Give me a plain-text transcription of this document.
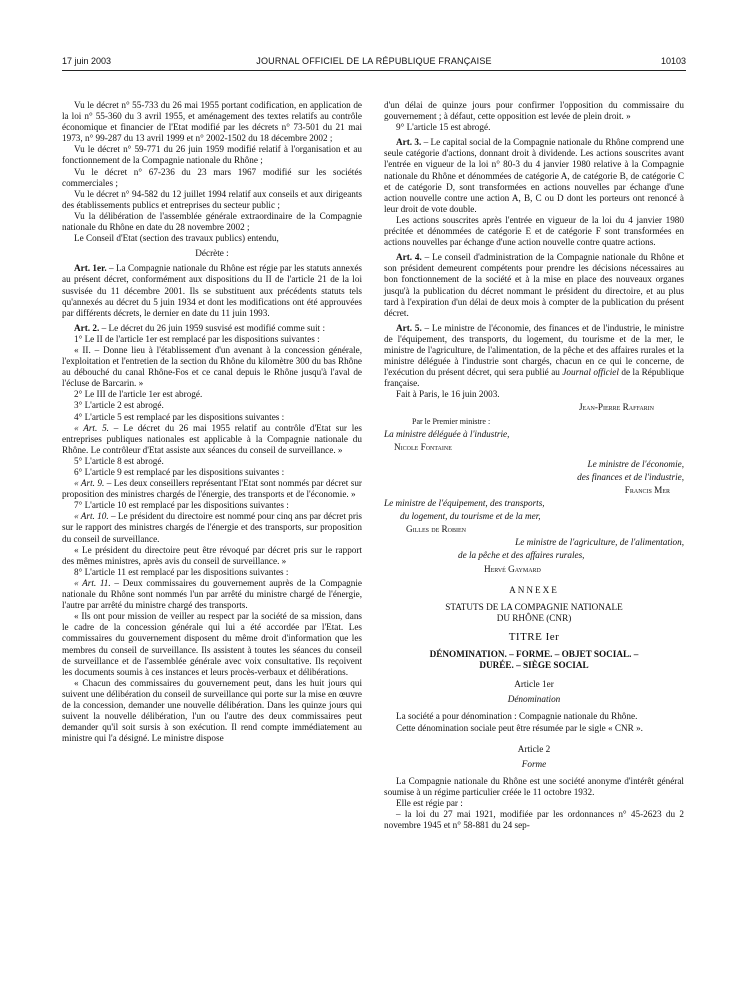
17 juin 2003	JOURNAL OFFICIEL DE LA RÉPUBLIQUE FRANÇAISE	10103

Vu le décret n° 55-733 du 26 mai 1955 portant codification, en application de la loi n° 55-360 du 3 avril 1955, et aménagement des textes relatifs au contrôle économique et financier de l'Etat modifié par les décrets n° 73-501 du 21 mai 1973, n° 99-287 du 13 avril 1999 et n° 2002-1502 du 18 décembre 2002 ;

Vu le décret n° 59-771 du 26 juin 1959 modifié relatif à l'organisation et au fonctionnement de la Compagnie nationale du Rhône ;

Vu le décret n° 67-236 du 23 mars 1967 modifié sur les sociétés commerciales ;

Vu le décret n° 94-582 du 12 juillet 1994 relatif aux conseils et aux dirigeants des établissements publics et entreprises du secteur public ;

Vu la délibération de l'assemblée générale extraordinaire de la Compagnie nationale du Rhône en date du 28 novembre 2002 ;

Le Conseil d'Etat (section des travaux publics) entendu,

Décrète :

Art. 1er. – La Compagnie nationale du Rhône est régie par les statuts annexés au présent décret, conformément aux dispositions du II de l'article 21 de la loi susvisée du 11 décembre 2001. Ils se substituent aux précédents statuts tels qu'annexés au décret du 5 juin 1934 et dont les modifications ont été approuvées par différents décrets, le dernier en date du 11 juin 1993.

Art. 2. – Le décret du 26 juin 1959 susvisé est modifié comme suit :

1° Le II de l'article 1er est remplacé par les dispositions suivantes :

« II. – Donne lieu à l'établissement d'un avenant à la concession générale, l'exploitation et l'entretien de la section du Rhône du kilomètre 300 du bas Rhône au débouché du canal Rhône-Fos et ce canal depuis le Rhône jusqu'à l'aval de l'écluse de Barcarin. »

2° Le III de l'article 1er est abrogé.

3° L'article 2 est abrogé.

4° L'article 5 est remplacé par les dispositions suivantes :

« Art. 5. – Le décret du 26 mai 1955 relatif au contrôle d'Etat sur les entreprises publiques nationales est applicable à la Compagnie nationale du Rhône. Le contrôleur d'Etat assiste aux séances du conseil de surveillance. »

5° L'article 8 est abrogé.

6° L'article 9 est remplacé par les dispositions suivantes :

« Art. 9. – Les deux conseillers représentant l'Etat sont nommés par décret sur proposition des ministres chargés de l'énergie, des transports et de l'économie. »

7° L'article 10 est remplacé par les dispositions suivantes :

« Art. 10. – Le président du directoire est nommé pour cinq ans par décret pris sur le rapport des ministres chargés de l'énergie et des transports, sur proposition du conseil de surveillance.

« Le président du directoire peut être révoqué par décret pris sur le rapport des mêmes ministres, après avis du conseil de surveillance. »

8° L'article 11 est remplacé par les dispositions suivantes :

« Art. 11. – Deux commissaires du gouvernement auprès de la Compagnie nationale du Rhône sont nommés l'un par arrêté du ministre chargé de l'énergie, l'autre par arrêté du ministre chargé des transports.

« Ils ont pour mission de veiller au respect par la société de sa mission, dans le cadre de la concession générale qui lui a été accordée par l'Etat. Les commissaires du gouvernement disposent du même droit d'information que les membres du conseil de surveillance. Ils assistent à toutes les séances du conseil de surveillance et de l'assemblée générale avec voix consultative. Ils reçoivent les documents soumis à ces instances et leurs procès-verbaux et délibérations.

« Chacun des commissaires du gouvernement peut, dans les huit jours qui suivent une délibération du conseil de surveillance qui porte sur la mise en œuvre de la concession, demander une nouvelle délibération. Dans les quinze jours qui suivent la nouvelle délibération, l'un ou l'autre des deux commissaires peut demander qu'il soit sursis à son exécution. Il rend compte immédiatement au ministre qui l'a désigné. Le ministre dispose

d'un délai de quinze jours pour confirmer l'opposition du commissaire du gouvernement ; à défaut, cette opposition est levée de plein droit. »

9° L'article 15 est abrogé.

Art. 3. – Le capital social de la Compagnie nationale du Rhône comprend une seule catégorie d'actions, donnant droit à dividende. Les actions souscrites avant l'entrée en vigueur de la loi n° 80-3 du 4 janvier 1980 relative à la Compagnie nationale du Rhône et dénommées de catégorie A, de catégorie B, de catégorie C et de catégorie D, sont transformées en actions nouvelles par échange d'une action nouvelle contre une action A, B, C ou D dont les porteurs ont renoncé à leur droit de vote double.

Les actions souscrites après l'entrée en vigueur de la loi du 4 janvier 1980 précitée et dénommées de catégorie E et de catégorie F sont transformées en actions nouvelles par échange d'une action nouvelle contre quatre actions.

Art. 4. – Le conseil d'administration de la Compagnie nationale du Rhône et son président demeurent compétents pour prendre les décisions nécessaires au bon fonctionnement de la société et à la mise en place des nouveaux organes jusqu'à la publication du décret nommant le président du directoire, et au plus tard à l'expiration d'un délai de deux mois à compter de la publication du présent décret.

Art. 5. – Le ministre de l'économie, des finances et de l'industrie, le ministre de l'équipement, des transports, du logement, du tourisme et de la mer, le ministre de l'agriculture, de l'alimentation, de la pêche et des affaires rurales et la ministre déléguée à l'industrie sont chargés, chacun en ce qui le concerne, de l'exécution du présent décret, qui sera publié au Journal officiel de la République française.

Fait à Paris, le 16 juin 2003.

Jean-Pierre Raffarin

Par le Premier ministre :

La ministre déléguée à l'industrie,

Nicole Fontaine

Le ministre de l'économie,

des finances et de l'industrie,

Francis Mer

Le ministre de l'équipement, des transports,

du logement, du tourisme et de la mer,

Gilles de Robien

Le ministre de l'agriculture, de l'alimentation,

de la pêche et des affaires rurales,

Hervé Gaymard

ANNEXE

STATUTS DE LA COMPAGNIE NATIONALE

DU RHÔNE (CNR)

TITRE Ier

DÉNOMINATION. – FORME. – OBJET SOCIAL. –

DURÉE. – SIÈGE SOCIAL

Article 1er

Dénomination

La société a pour dénomination : Compagnie nationale du Rhône.

Cette dénomination sociale peut être résumée par le sigle « CNR ».

Article 2

Forme

La Compagnie nationale du Rhône est une société anonyme d'intérêt général soumise à un régime particulier créée le 11 octobre 1932.

Elle est régie par :

– la loi du 27 mai 1921, modifiée par les ordonnances n° 45-2623 du 2 novembre 1945 et n° 58-881 du 24 sep-
